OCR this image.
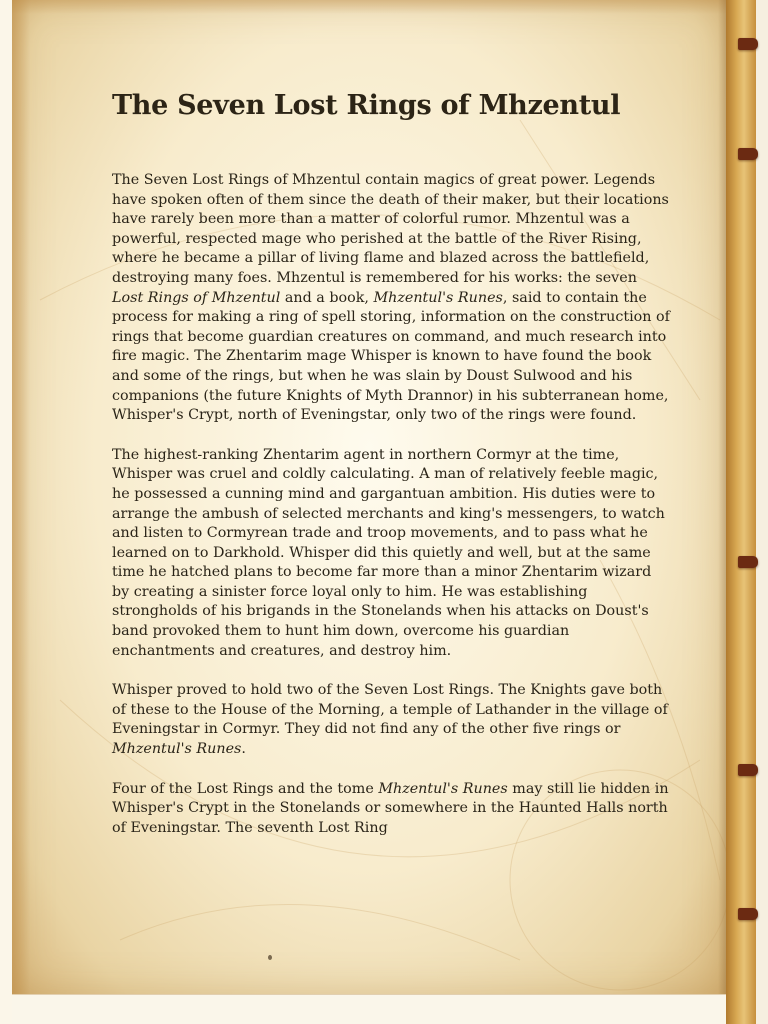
The Seven Lost Rings of Mhzentul

The Seven Lost Rings of Mhzentul contain magics of great power. Legends have spoken often of them since the death of their maker, but their locations have rarely been more than a matter of colorful rumor. Mhzentul was a powerful, respected mage who perished at the battle of the River Rising, where he became a pillar of living flame and blazed across the battlefield, destroying many foes. Mhzentul is remembered for his works: the seven Lost Rings of Mhzentul and a book, Mhzentul's Runes, said to contain the process for making a ring of spell storing, information on the construction of rings that become guardian creatures on command, and much research into fire magic. The Zhentarim mage Whisper is known to have found the book and some of the rings, but when he was slain by Doust Sulwood and his companions (the future Knights of Myth Drannor) in his subterranean home, Whisper's Crypt, north of Eveningstar, only two of the rings were found.

The highest-ranking Zhentarim agent in northern Cormyr at the time, Whisper was cruel and coldly calculating. A man of relatively feeble magic, he possessed a cunning mind and gargantuan ambition. His duties were to arrange the ambush of selected merchants and king's messengers, to watch and listen to Cormyrean trade and troop movements, and to pass what he learned on to Darkhold. Whisper did this quietly and well, but at the same time he hatched plans to become far more than a minor Zhentarim wizard by creating a sinister force loyal only to him. He was establishing strongholds of his brigands in the Stonelands when his attacks on Doust's band provoked them to hunt him down, overcome his guardian enchantments and creatures, and destroy him.

Whisper proved to hold two of the Seven Lost Rings. The Knights gave both of these to the House of the Morning, a temple of Lathander in the village of Eveningstar in Cormyr. They did not find any of the other five rings or Mhzentul's Runes.

Four of the Lost Rings and the tome Mhzentul's Runes may still lie hidden in Whisper's Crypt in the Stonelands or somewhere in the Haunted Halls north of Eveningstar. The seventh Lost Ring
